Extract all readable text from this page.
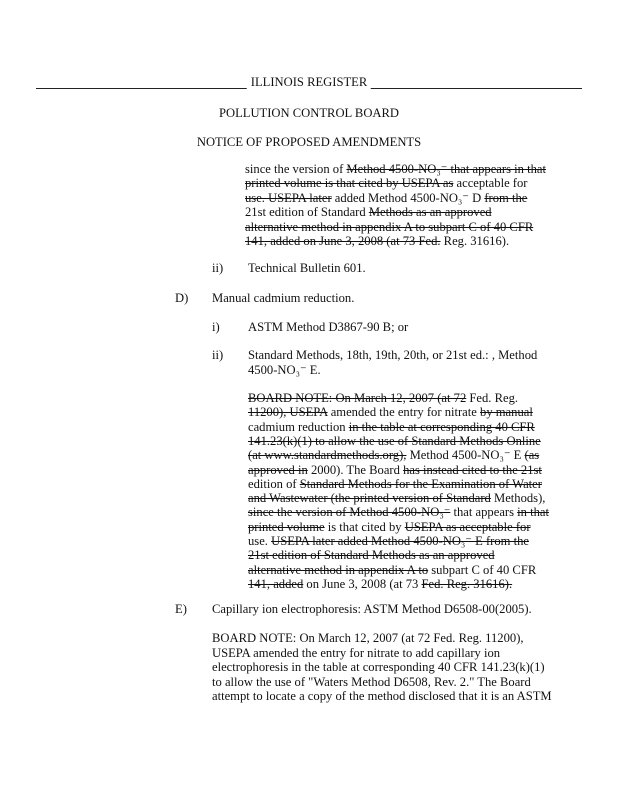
ILLINOIS REGISTER
POLLUTION CONTROL BOARD
NOTICE OF PROPOSED AMENDMENTS
since the version of Method 4500-NO₃⁻ that appears in that
printed volume is that cited by USEPA as acceptable for
use. USEPA later added Method 4500-NO₃⁻ D from the
21st edition of Standard Methods as an approved
alternative method in appendix A to subpart C of 40 CFR
141, added on June 3, 2008 (at 73 Fed. Reg. 31616).
ii) Technical Bulletin 601.
D) Manual cadmium reduction.
i) ASTM Method D3867-90 B; or
ii) Standard Methods, 18th, 19th, 20th, or 21st ed.: , Method
4500-NO₃⁻ E.
BOARD NOTE: On March 12, 2007 (at 72 Fed. Reg.
11200), USEPA amended the entry for nitrate by manual
cadmium reduction in the table at corresponding 40 CFR
141.23(k)(1) to allow the use of Standard Methods Online
(at www.standardmethods.org), Method 4500-NO₃⁻ E (as
approved in 2000). The Board has instead cited to the 21st
edition of Standard Methods for the Examination of Water
and Wastewater (the printed version of Standard Methods),
since the version of Method 4500-NO₃⁻ that appears in that
printed volume is that cited by USEPA as acceptable for
use. USEPA later added Method 4500-NO₃⁻ E from the
21st edition of Standard Methods as an approved
alternative method in appendix A to subpart C of 40 CFR
141, added on June 3, 2008 (at 73 Fed. Reg. 31616).
E) Capillary ion electrophoresis: ASTM Method D6508-00(2005).
BOARD NOTE: On March 12, 2007 (at 72 Fed. Reg. 11200),
USEPA amended the entry for nitrate to add capillary ion
electrophoresis in the table at corresponding 40 CFR 141.23(k)(1)
to allow the use of "Waters Method D6508, Rev. 2." The Board
attempt to locate a copy of the method disclosed that it is an ASTM
